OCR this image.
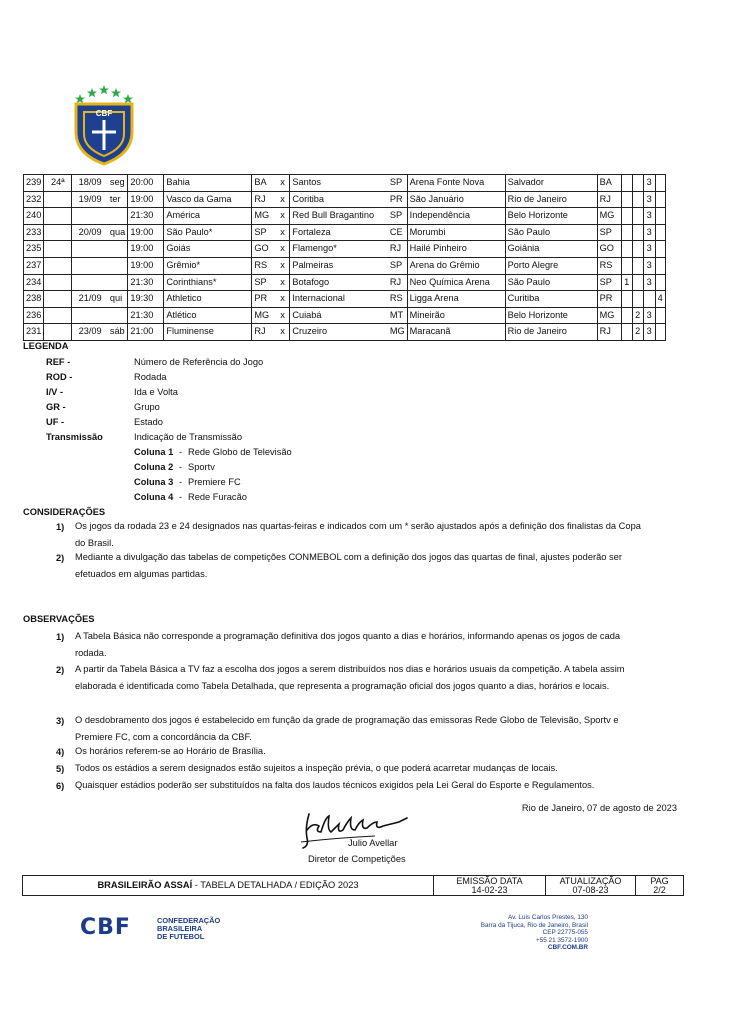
CBF
239	24ª	18/09	seg	20:00	Bahia	BA	x	Santos	SP	Arena Fonte Nova	Salvador	BA			3	
232		19/09	ter	19:00	Vasco da Gama	RJ	x	Coritiba	PR	São Januário	Rio de Janeiro	RJ			3	
240				21:30	América	MG	x	Red Bull Bragantino	SP	Independência	Belo Horizonte	MG			3	
233		20/09	qua	19:00	São Paulo*	SP	x	Fortaleza	CE	Morumbi	São Paulo	SP			3	
235				19:00	Goiás	GO	x	Flamengo*	RJ	Hailé Pinheiro	Goiânia	GO			3	
237				19:00	Grêmio*	RS	x	Palmeiras	SP	Arena do Grêmio	Porto Alegre	RS			3	
234				21:30	Corinthians*	SP	x	Botafogo	RJ	Neo Química Arena	São Paulo	SP	1		3	
238		21/09	qui	19:30	Athletico	PR	x	Internacional	RS	Ligga Arena	Curitiba	PR				4
236				21:30	Atlético	MG	x	Cuiabá	MT	Mineirão	Belo Horizonte	MG		2	3	
231		23/09	sáb	21:00	Fluminense	RJ	x	Cruzeiro	MG	Maracanã	Rio de Janeiro	RJ		2	3	
LEGENDA
REF -	Número de Referência do Jogo
ROD -	Rodada
I/V -	Ida e Volta
GR -	Grupo
UF -	Estado
Transmissão	Indicação de Transmissão
Coluna 1 - Rede Globo de Televisão
Coluna 2 - Sportv
Coluna 3 - Premiere FC
Coluna 4 - Rede Furacão
CONSIDERAÇÕES
1) Os jogos da rodada 23 e 24 designados nas quartas-feiras e indicados com um * serão ajustados após a definição dos finalistas da Copa do Brasil.
2) Mediante a divulgação das tabelas de competições CONMEBOL com a definição dos jogos das quartas de final, ajustes poderão ser efetuados em algumas partidas.
OBSERVAÇÕES
1) A Tabela Básica não corresponde a programação definitiva dos jogos quanto a dias e horários, informando apenas os jogos de cada rodada.
2) A partir da Tabela Básica a TV faz a escolha dos jogos a serem distribuídos nos dias e horários usuais da competição. A tabela assim elaborada é identificada como Tabela Detalhada, que representa a programação oficial dos jogos quanto a dias, horários e locais.
3) O desdobramento dos jogos é estabelecido em função da grade de programação das emissoras Rede Globo de Televisão, Sportv e Premiere FC, com a concordância da CBF.
4) Os horários referem-se ao Horário de Brasília.
5) Todos os estádios a serem designados estão sujeitos a inspeção prévia, o que poderá acarretar mudanças de locais.
6) Quaisquer estádios poderão ser substituídos na falta dos laudos técnicos exigidos pela Lei Geral do Esporte e Regulamentos.
Rio de Janeiro, 07 de agosto de 2023
Julio Avellar
Diretor de Competições
BRASILEIRÃO ASSAÍ - TABELA DETALHADA / EDIÇÃO 2023	EMISSÃO DATA
14-02-23
ATUALIZAÇÃO
07-08-23
PAG
2/2
CBF	CONFEDERAÇÃO
BRASILEIRA
DE FUTEBOL
Av. Luis Carlos Prestes, 130
Barra da Tijuca, Rio de Janeiro, Brasil
CEP 22775-055
+55 21 3572-1900
CBF.COM.BR
